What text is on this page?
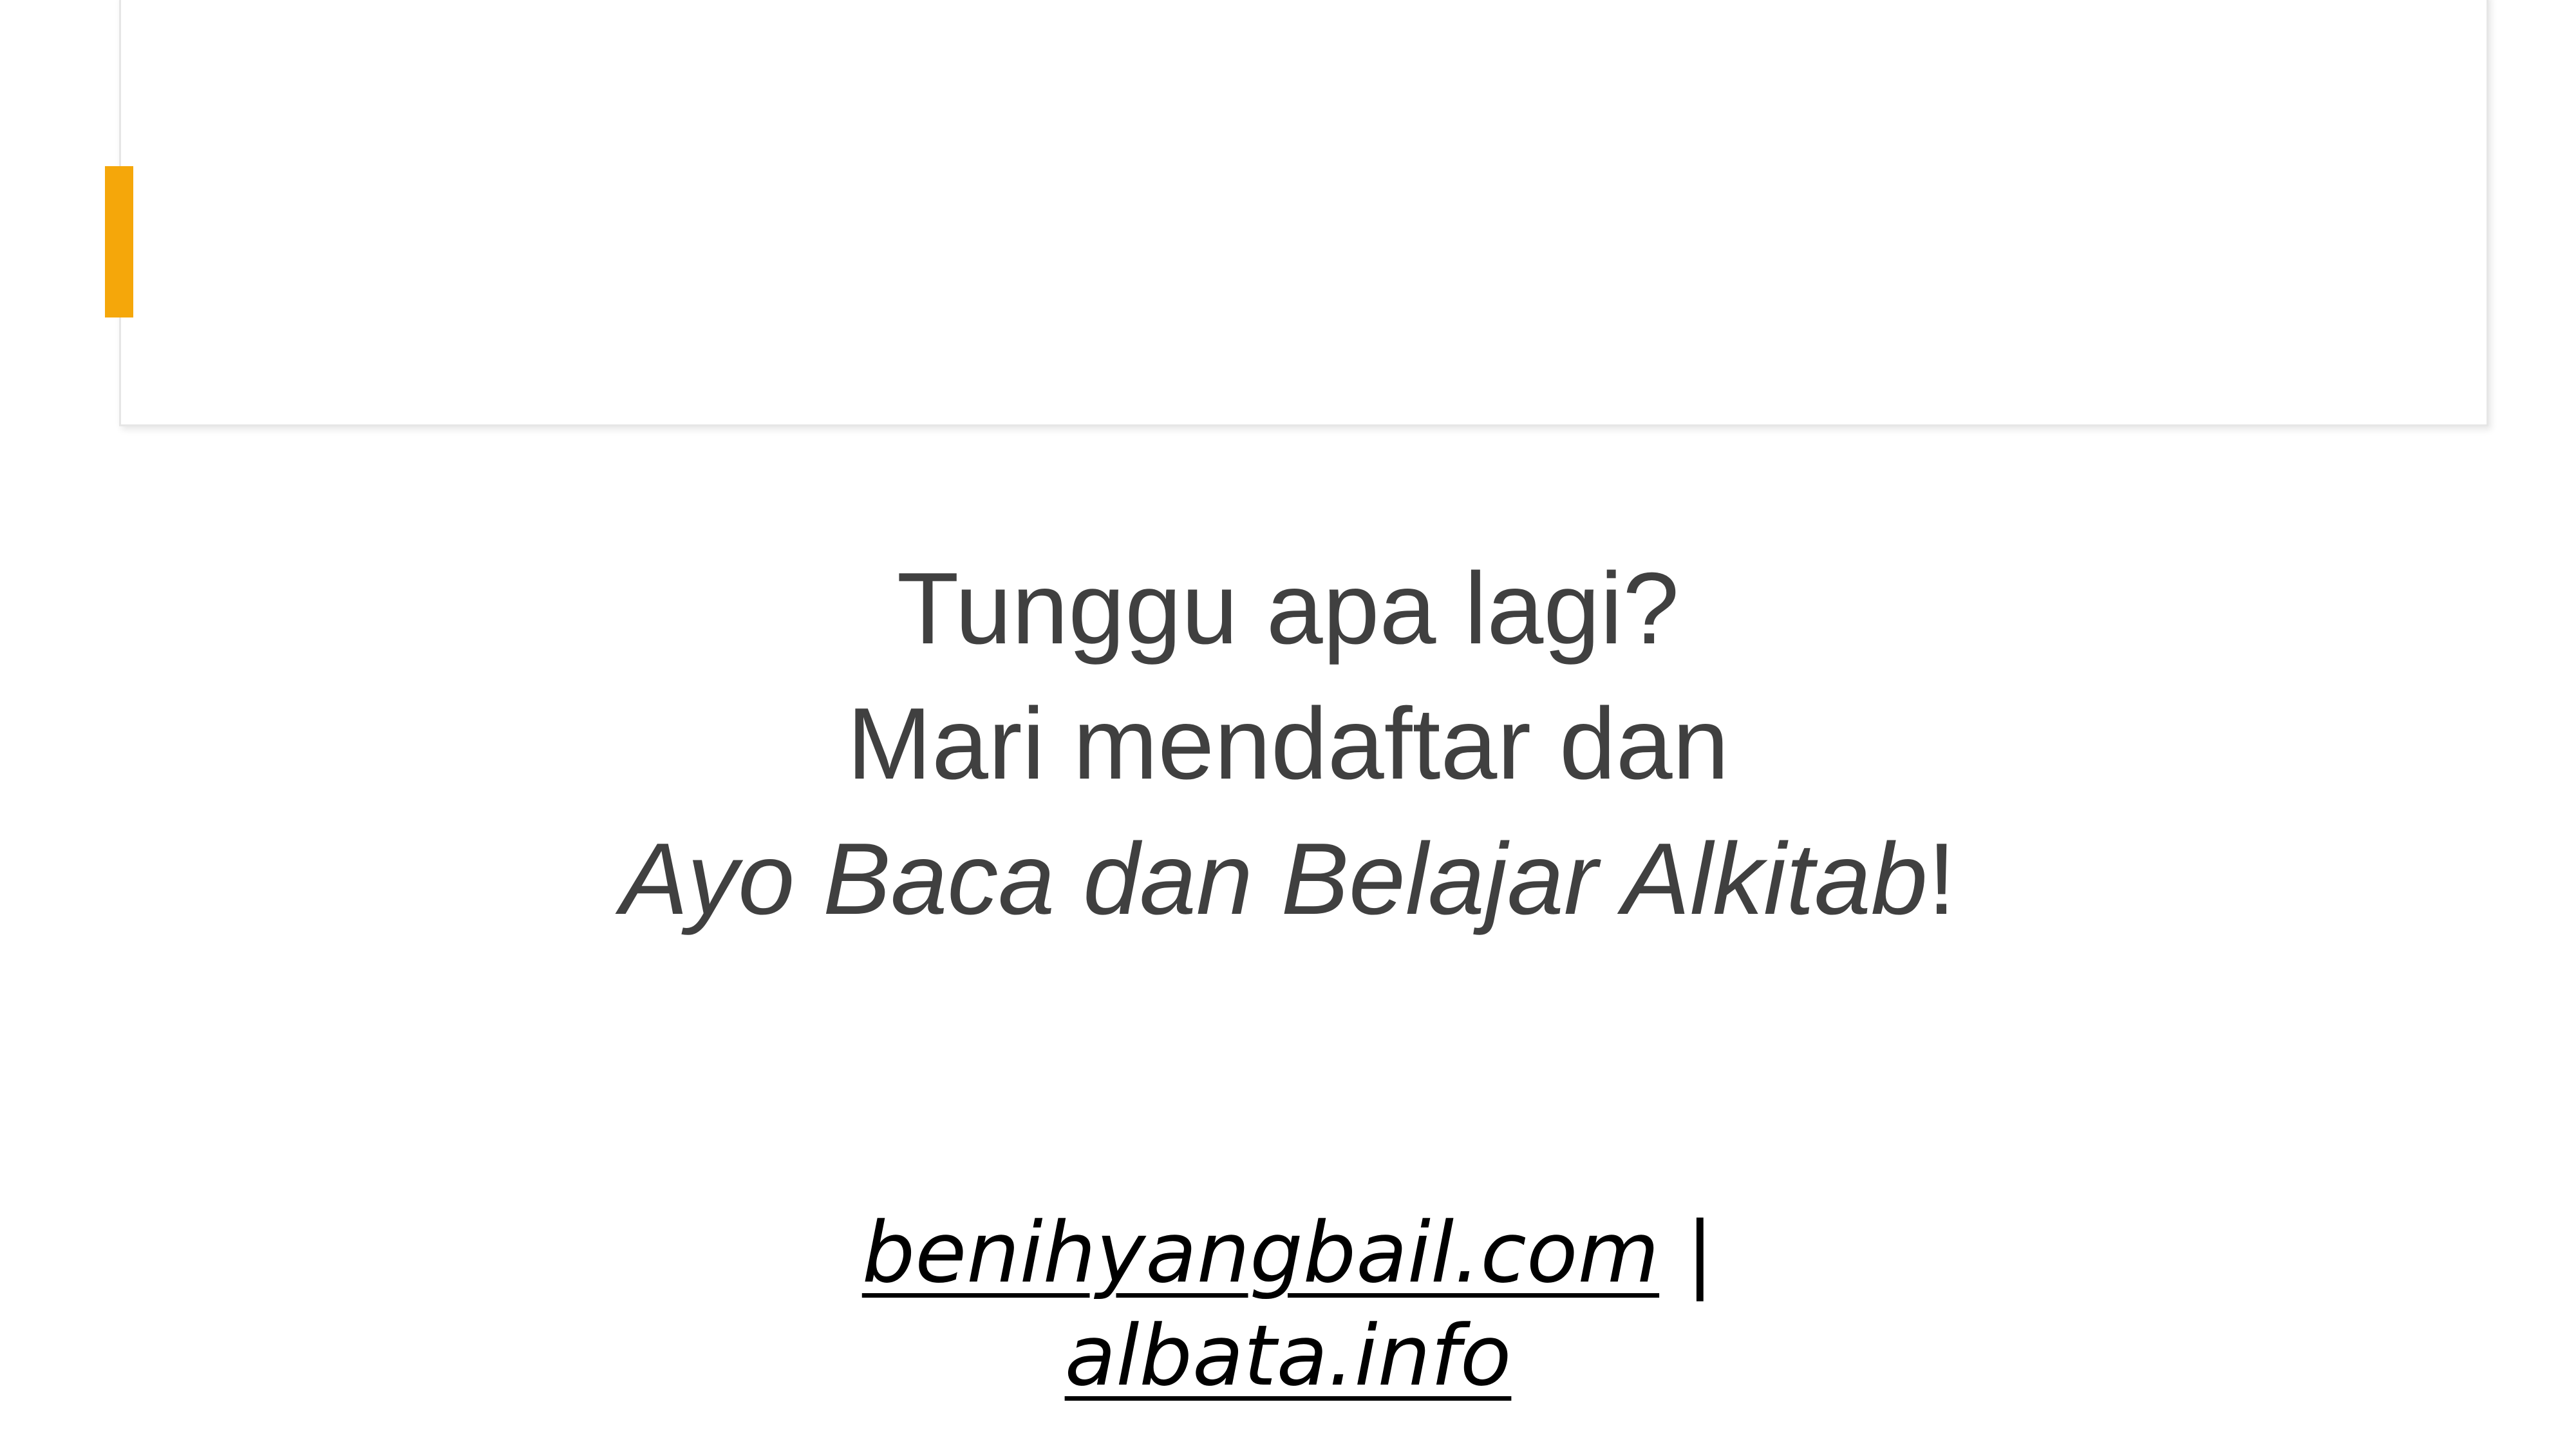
Tunggu apa lagi?
Mari mendaftar dan
Ayo Baca dan Belajar Alkitab!
benihyangbail.com |
albata.info
